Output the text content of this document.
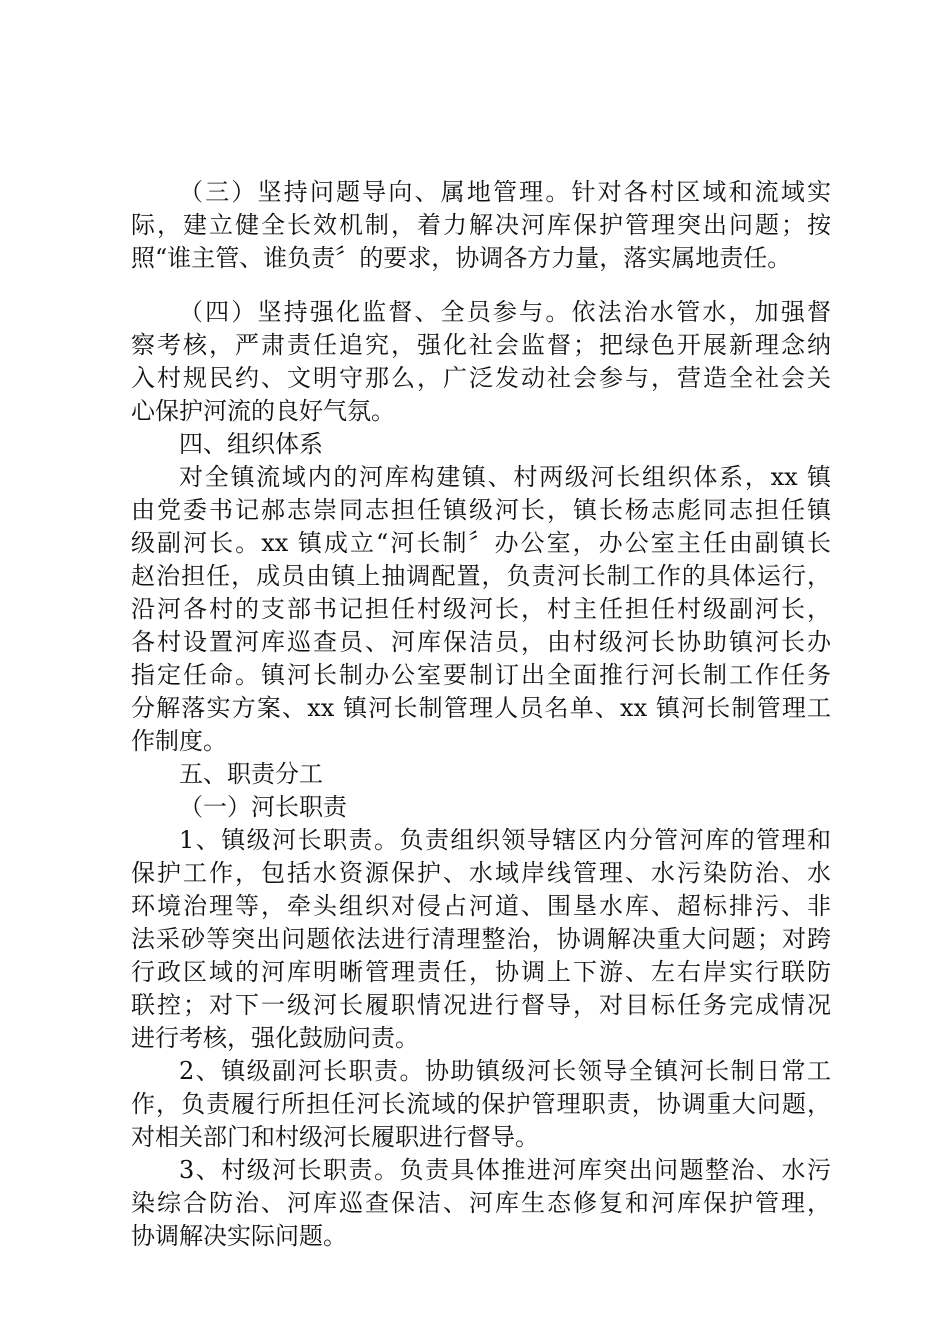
（三）坚持问题导向、属地管理。针对各村区域和流域实
际，建立健全长效机制，着力解决河库保护管理突出问题；按
照“谁主管、谁负责〞的要求，协调各方力量，落实属地责任。
（四）坚持强化监督、全员参与。依法治水管水，加强督
察考核，严肃责任追究，强化社会监督；把绿色开展新理念纳
入村规民约、文明守那么，广泛发动社会参与，营造全社会关
心保护河流的良好气氛。
四、组织体系
对全镇流域内的河库构建镇、村两级河长组织体系，xx 镇
由党委书记郝志崇同志担任镇级河长，镇长杨志彪同志担任镇
级副河长。xx 镇成立“河长制〞办公室，办公室主任由副镇长
赵治担任，成员由镇上抽调配置，负责河长制工作的具体运行，
沿河各村的支部书记担任村级河长，村主任担任村级副河长，
各村设置河库巡查员、河库保洁员，由村级河长协助镇河长办
指定任命。镇河长制办公室要制订出全面推行河长制工作任务
分解落实方案、xx 镇河长制管理人员名单、xx 镇河长制管理工
作制度。
五、职责分工
（一）河长职责
1、镇级河长职责。负责组织领导辖区内分管河库的管理和
保护工作，包括水资源保护、水域岸线管理、水污染防治、水
环境治理等，牵头组织对侵占河道、围垦水库、超标排污、非
法采砂等突出问题依法进行清理整治，协调解决重大问题；对跨
行政区域的河库明晰管理责任，协调上下游、左右岸实行联防
联控；对下一级河长履职情况进行督导，对目标任务完成情况
进行考核，强化鼓励问责。
2、镇级副河长职责。协助镇级河长领导全镇河长制日常工
作，负责履行所担任河长流域的保护管理职责，协调重大问题，
对相关部门和村级河长履职进行督导。
3、村级河长职责。负责具体推进河库突出问题整治、水污
染综合防治、河库巡查保洁、河库生态修复和河库保护管理，
协调解决实际问题。
